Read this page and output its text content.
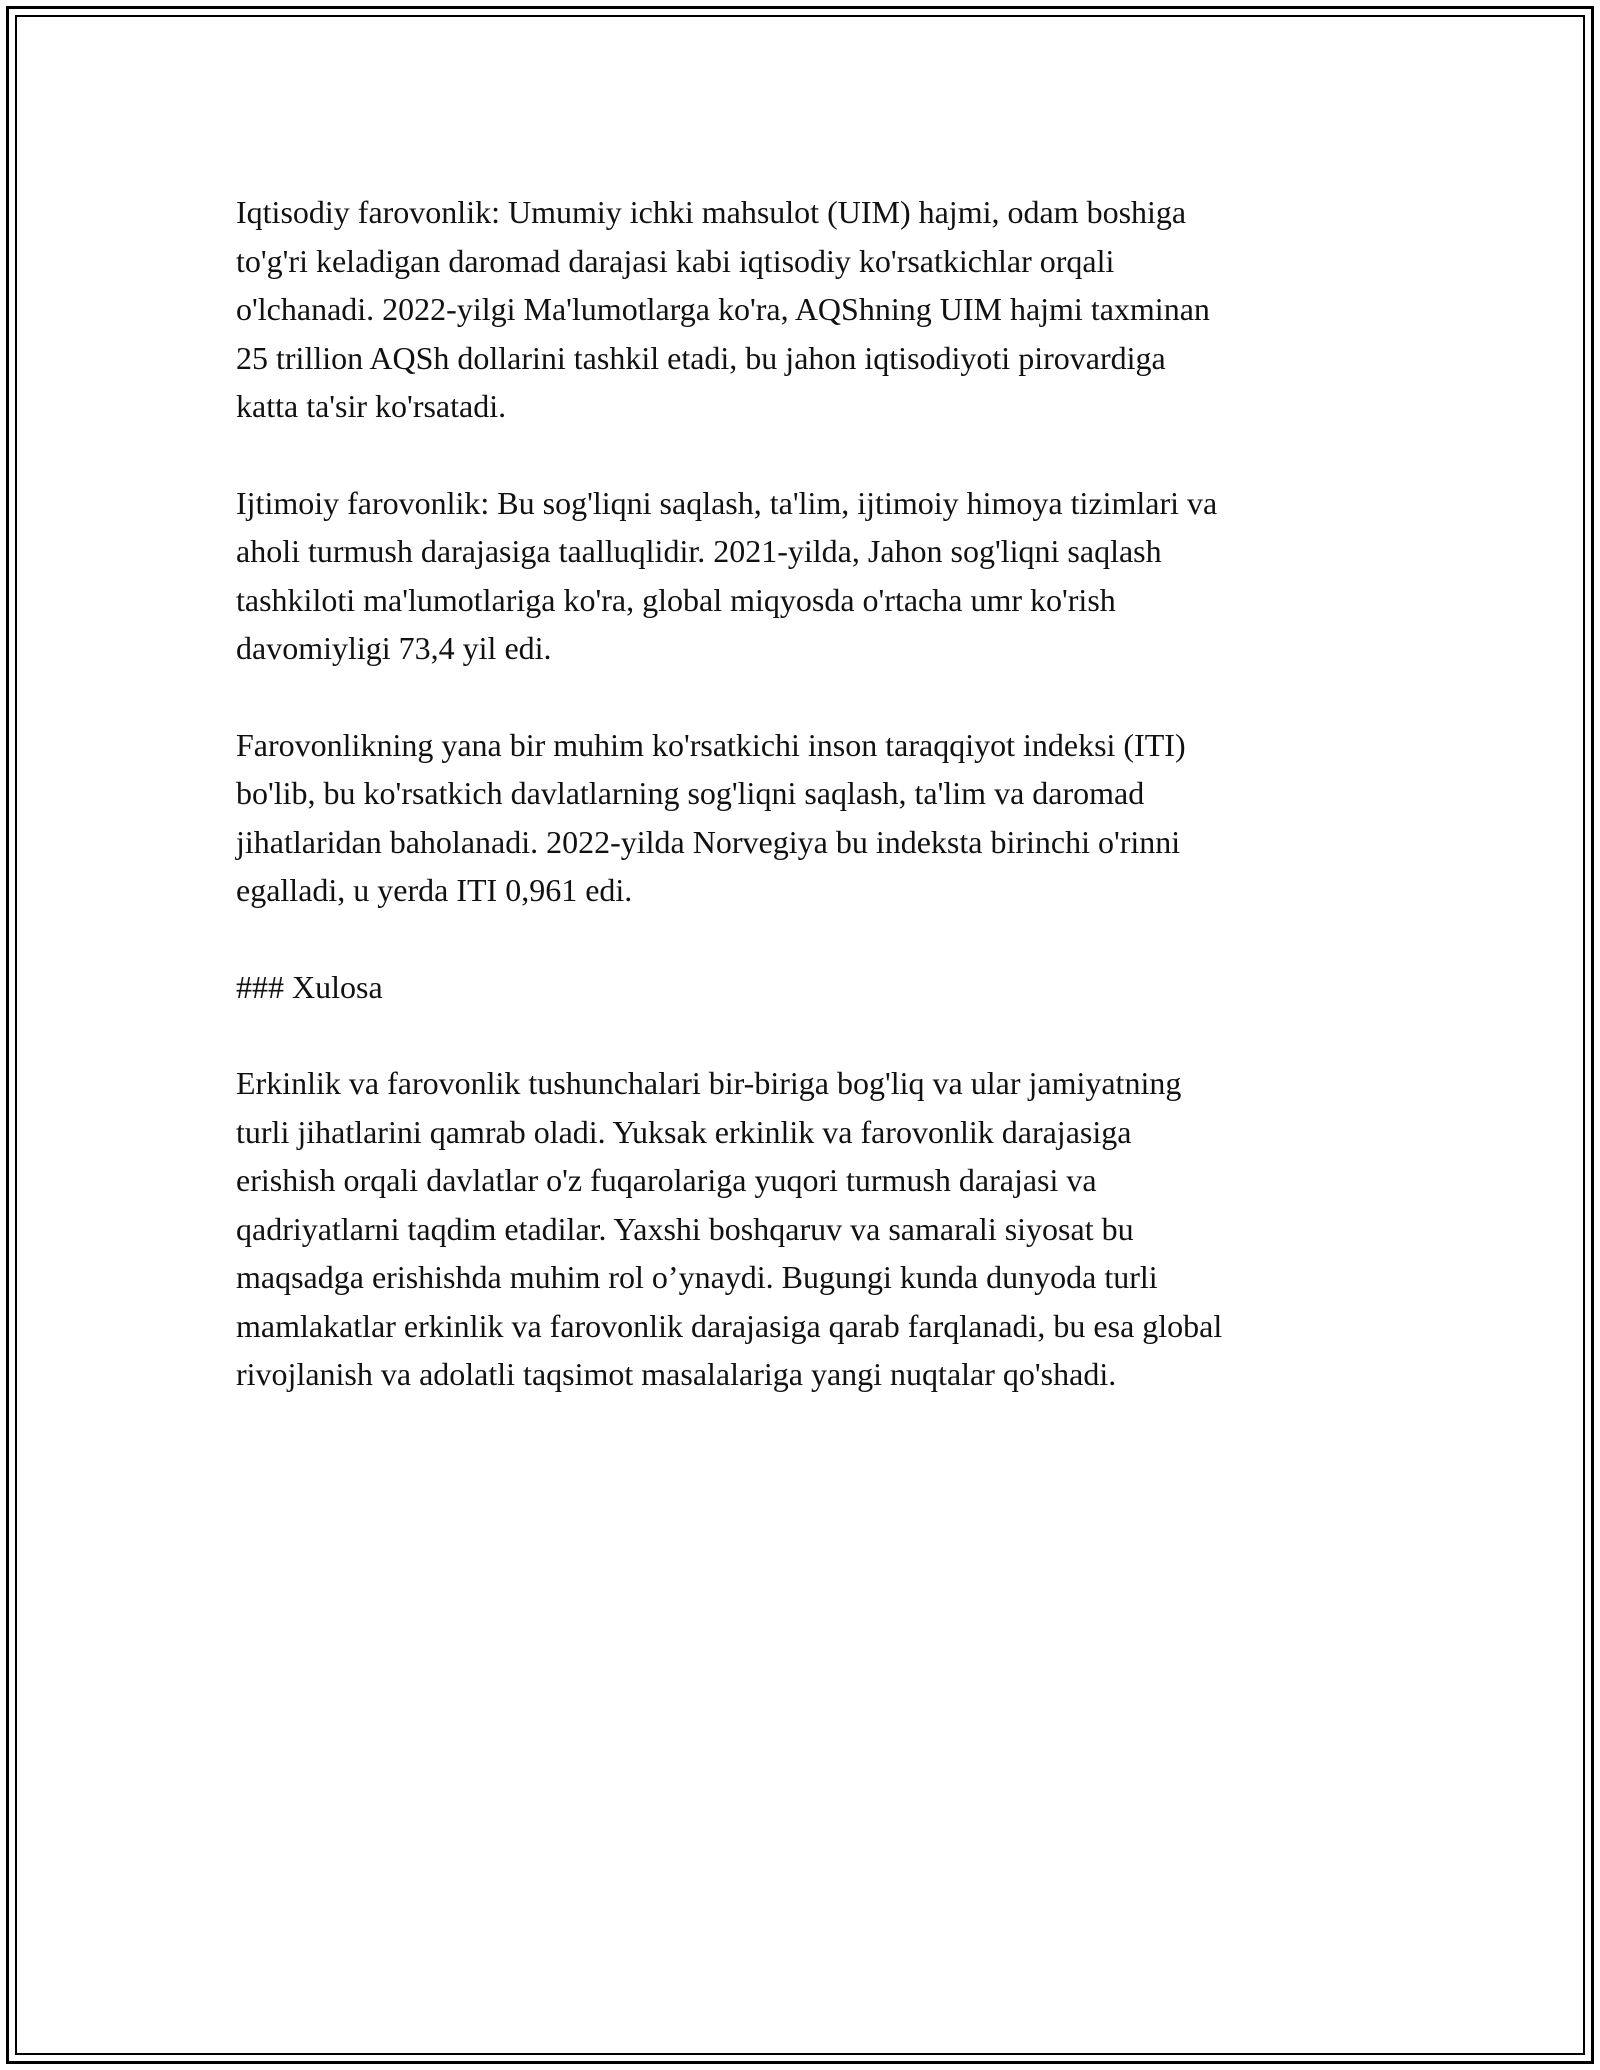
Iqtisodiy farovonlik: Umumiy ichki mahsulot (UIM) hajmi, odam boshiga
to'g'ri keladigan daromad darajasi kabi iqtisodiy ko'rsatkichlar orqali
o'lchanadi. 2022-yilgi Ma'lumotlarga ko'ra, AQShning UIM hajmi taxminan
25 trillion AQSh dollarini tashkil etadi, bu jahon iqtisodiyoti pirovardiga
katta ta'sir ko'rsatadi.

Ijtimoiy farovonlik: Bu sog'liqni saqlash, ta'lim, ijtimoiy himoya tizimlari va
aholi turmush darajasiga taalluqlidir. 2021-yilda, Jahon sog'liqni saqlash
tashkiloti ma'lumotlariga ko'ra, global miqyosda o'rtacha umr ko'rish
davomiyligi 73,4 yil edi.

Farovonlikning yana bir muhim ko'rsatkichi inson taraqqiyot indeksi (ITI)
bo'lib, bu ko'rsatkich davlatlarning sog'liqni saqlash, ta'lim va daromad
jihatlaridan baholanadi. 2022-yilda Norvegiya bu indeksta birinchi o'rinni
egalladi, u yerda ITI 0,961 edi.

### Xulosa

Erkinlik va farovonlik tushunchalari bir-biriga bog'liq va ular jamiyatning
turli jihatlarini qamrab oladi. Yuksak erkinlik va farovonlik darajasiga
erishish orqali davlatlar o'z fuqarolariga yuqori turmush darajasi va
qadriyatlarni taqdim etadilar. Yaxshi boshqaruv va samarali siyosat bu
maqsadga erishishda muhim rol o’ynaydi. Bugungi kunda dunyoda turli
mamlakatlar erkinlik va farovonlik darajasiga qarab farqlanadi, bu esa global
rivojlanish va adolatli taqsimot masalalariga yangi nuqtalar qo'shadi.
